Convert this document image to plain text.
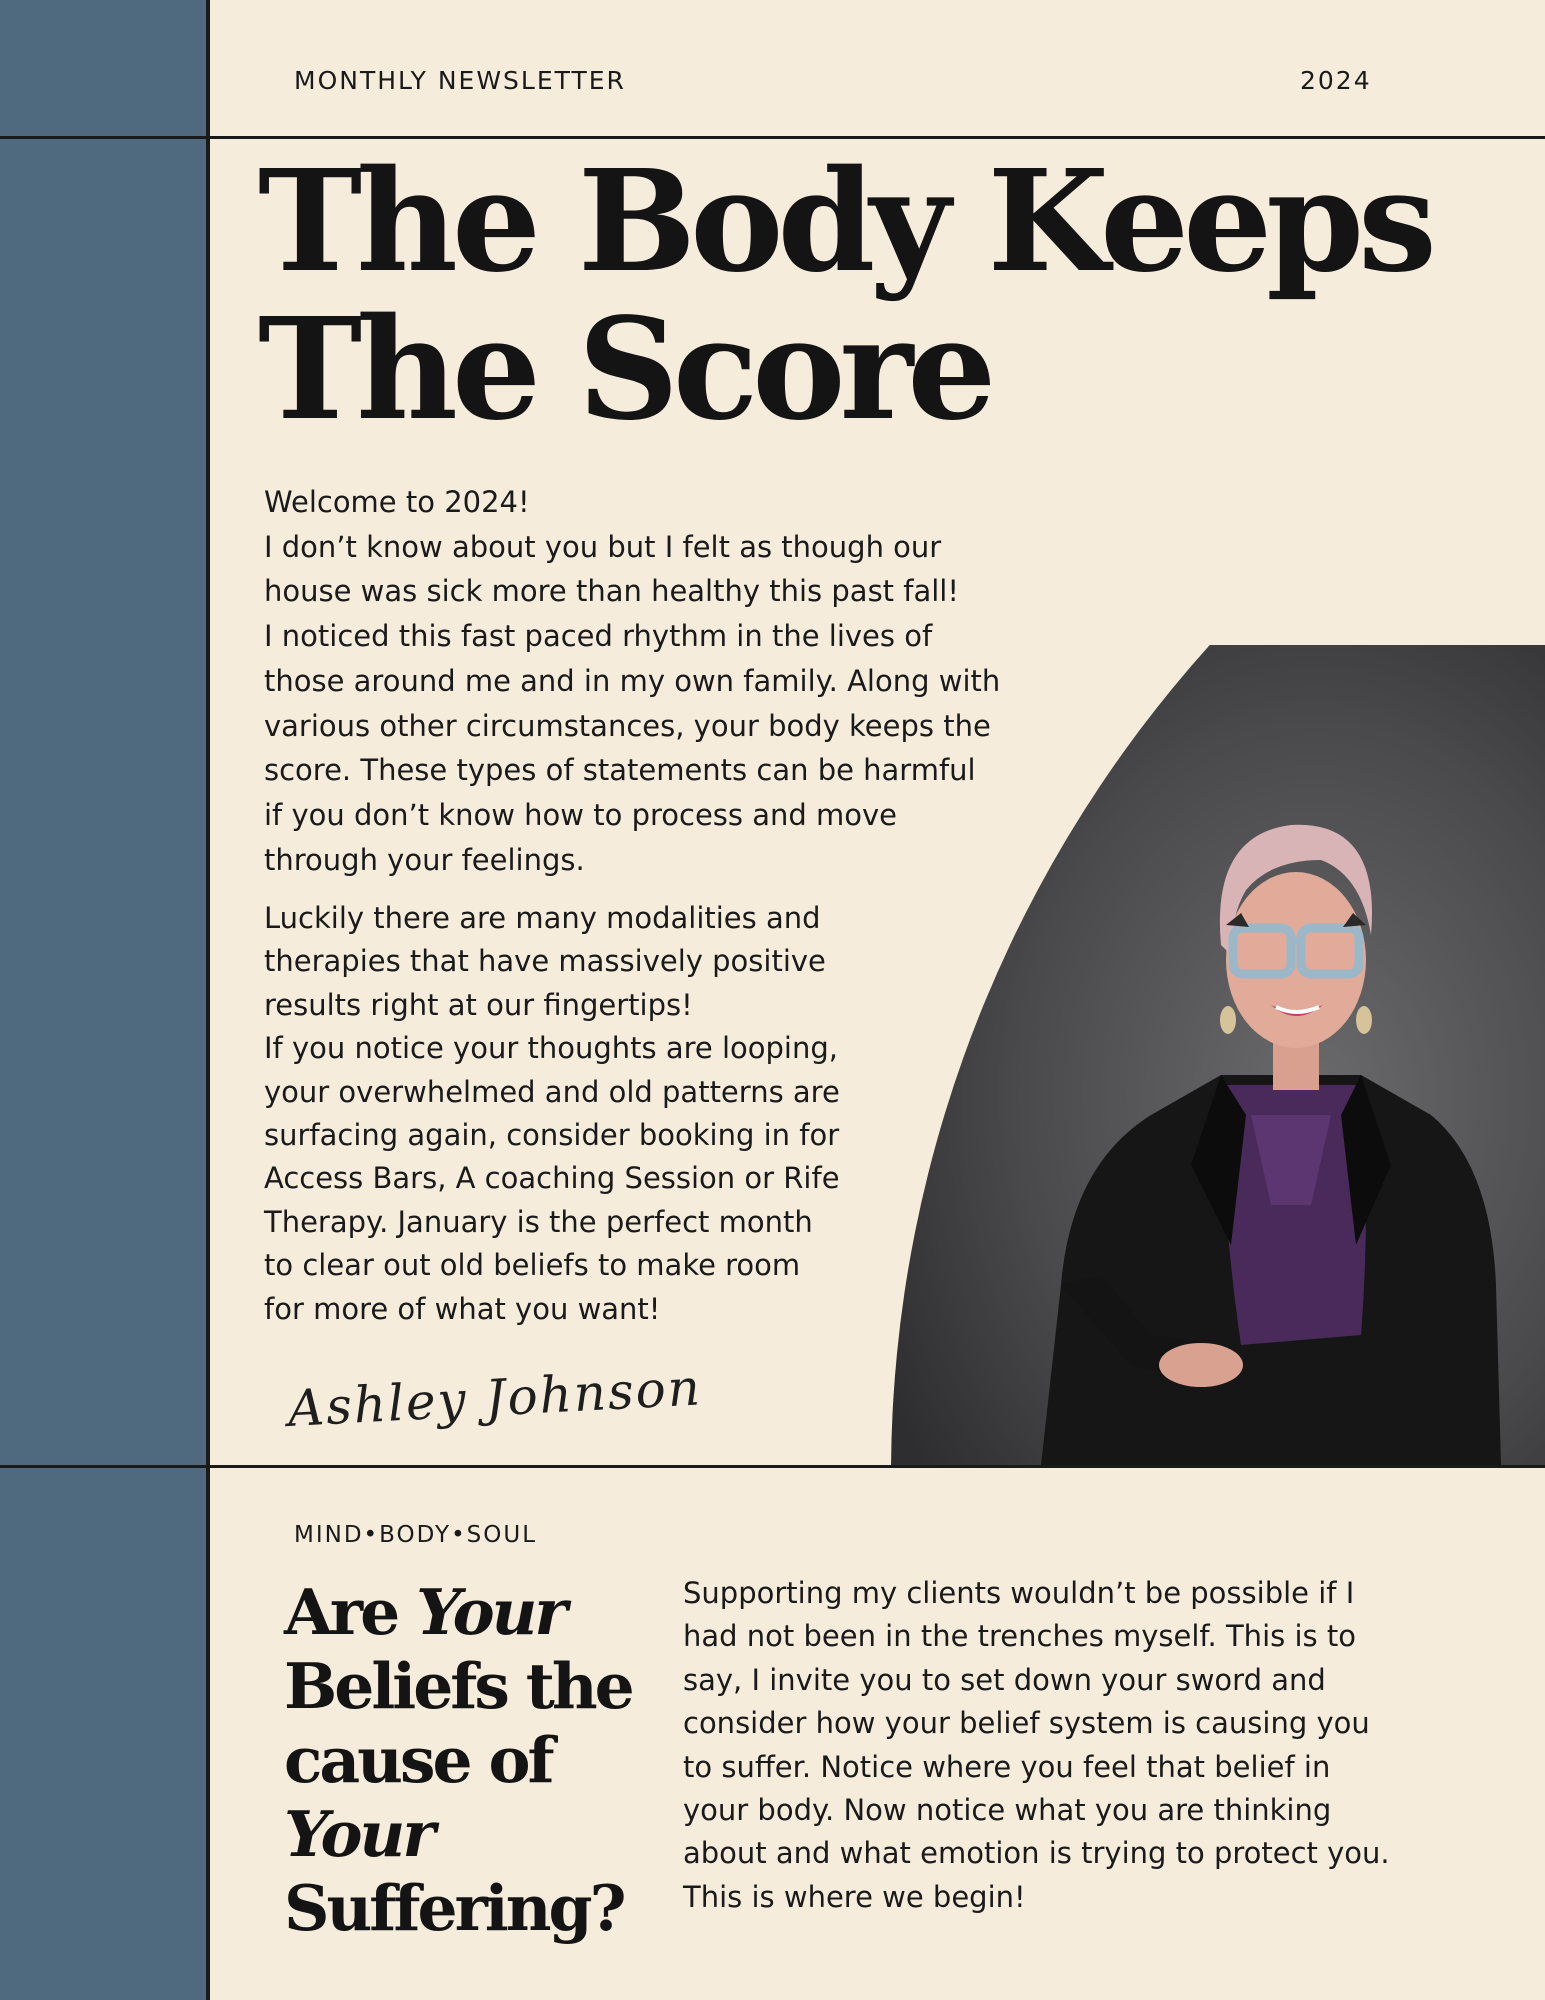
MONTHLY NEWSLETTER	2024
The Body Keeps
The Score

Welcome to 2024!

I don’t know about you but I felt as though our

house was sick more than healthy this past fall!

I noticed this fast paced rhythm in the lives of

those around me and in my own family. Along with

various other circumstances, your body keeps the

score. These types of statements can be harmful

if you don’t know how to process and move

through your feelings.

Luckily there are many modalities and

therapies that have massively positive

results right at our fingertips!

If you notice your thoughts are looping,

your overwhelmed and old patterns are

surfacing again, consider booking in for

Access Bars, A coaching Session or Rife

Therapy. January is the perfect month

to clear out old beliefs to make room

for more of what you want!

Ashley Johnson
MIND•BODY•SOUL
Are Your
Beliefs the
cause of
Your
Suffering?

Supporting my clients wouldn’t be possible if I

had not been in the trenches myself. This is to

say, I invite you to set down your sword and

consider how your belief system is causing you

to suffer. Notice where you feel that belief in

your body. Now notice what you are thinking

about and what emotion is trying to protect you.

This is where we begin!
